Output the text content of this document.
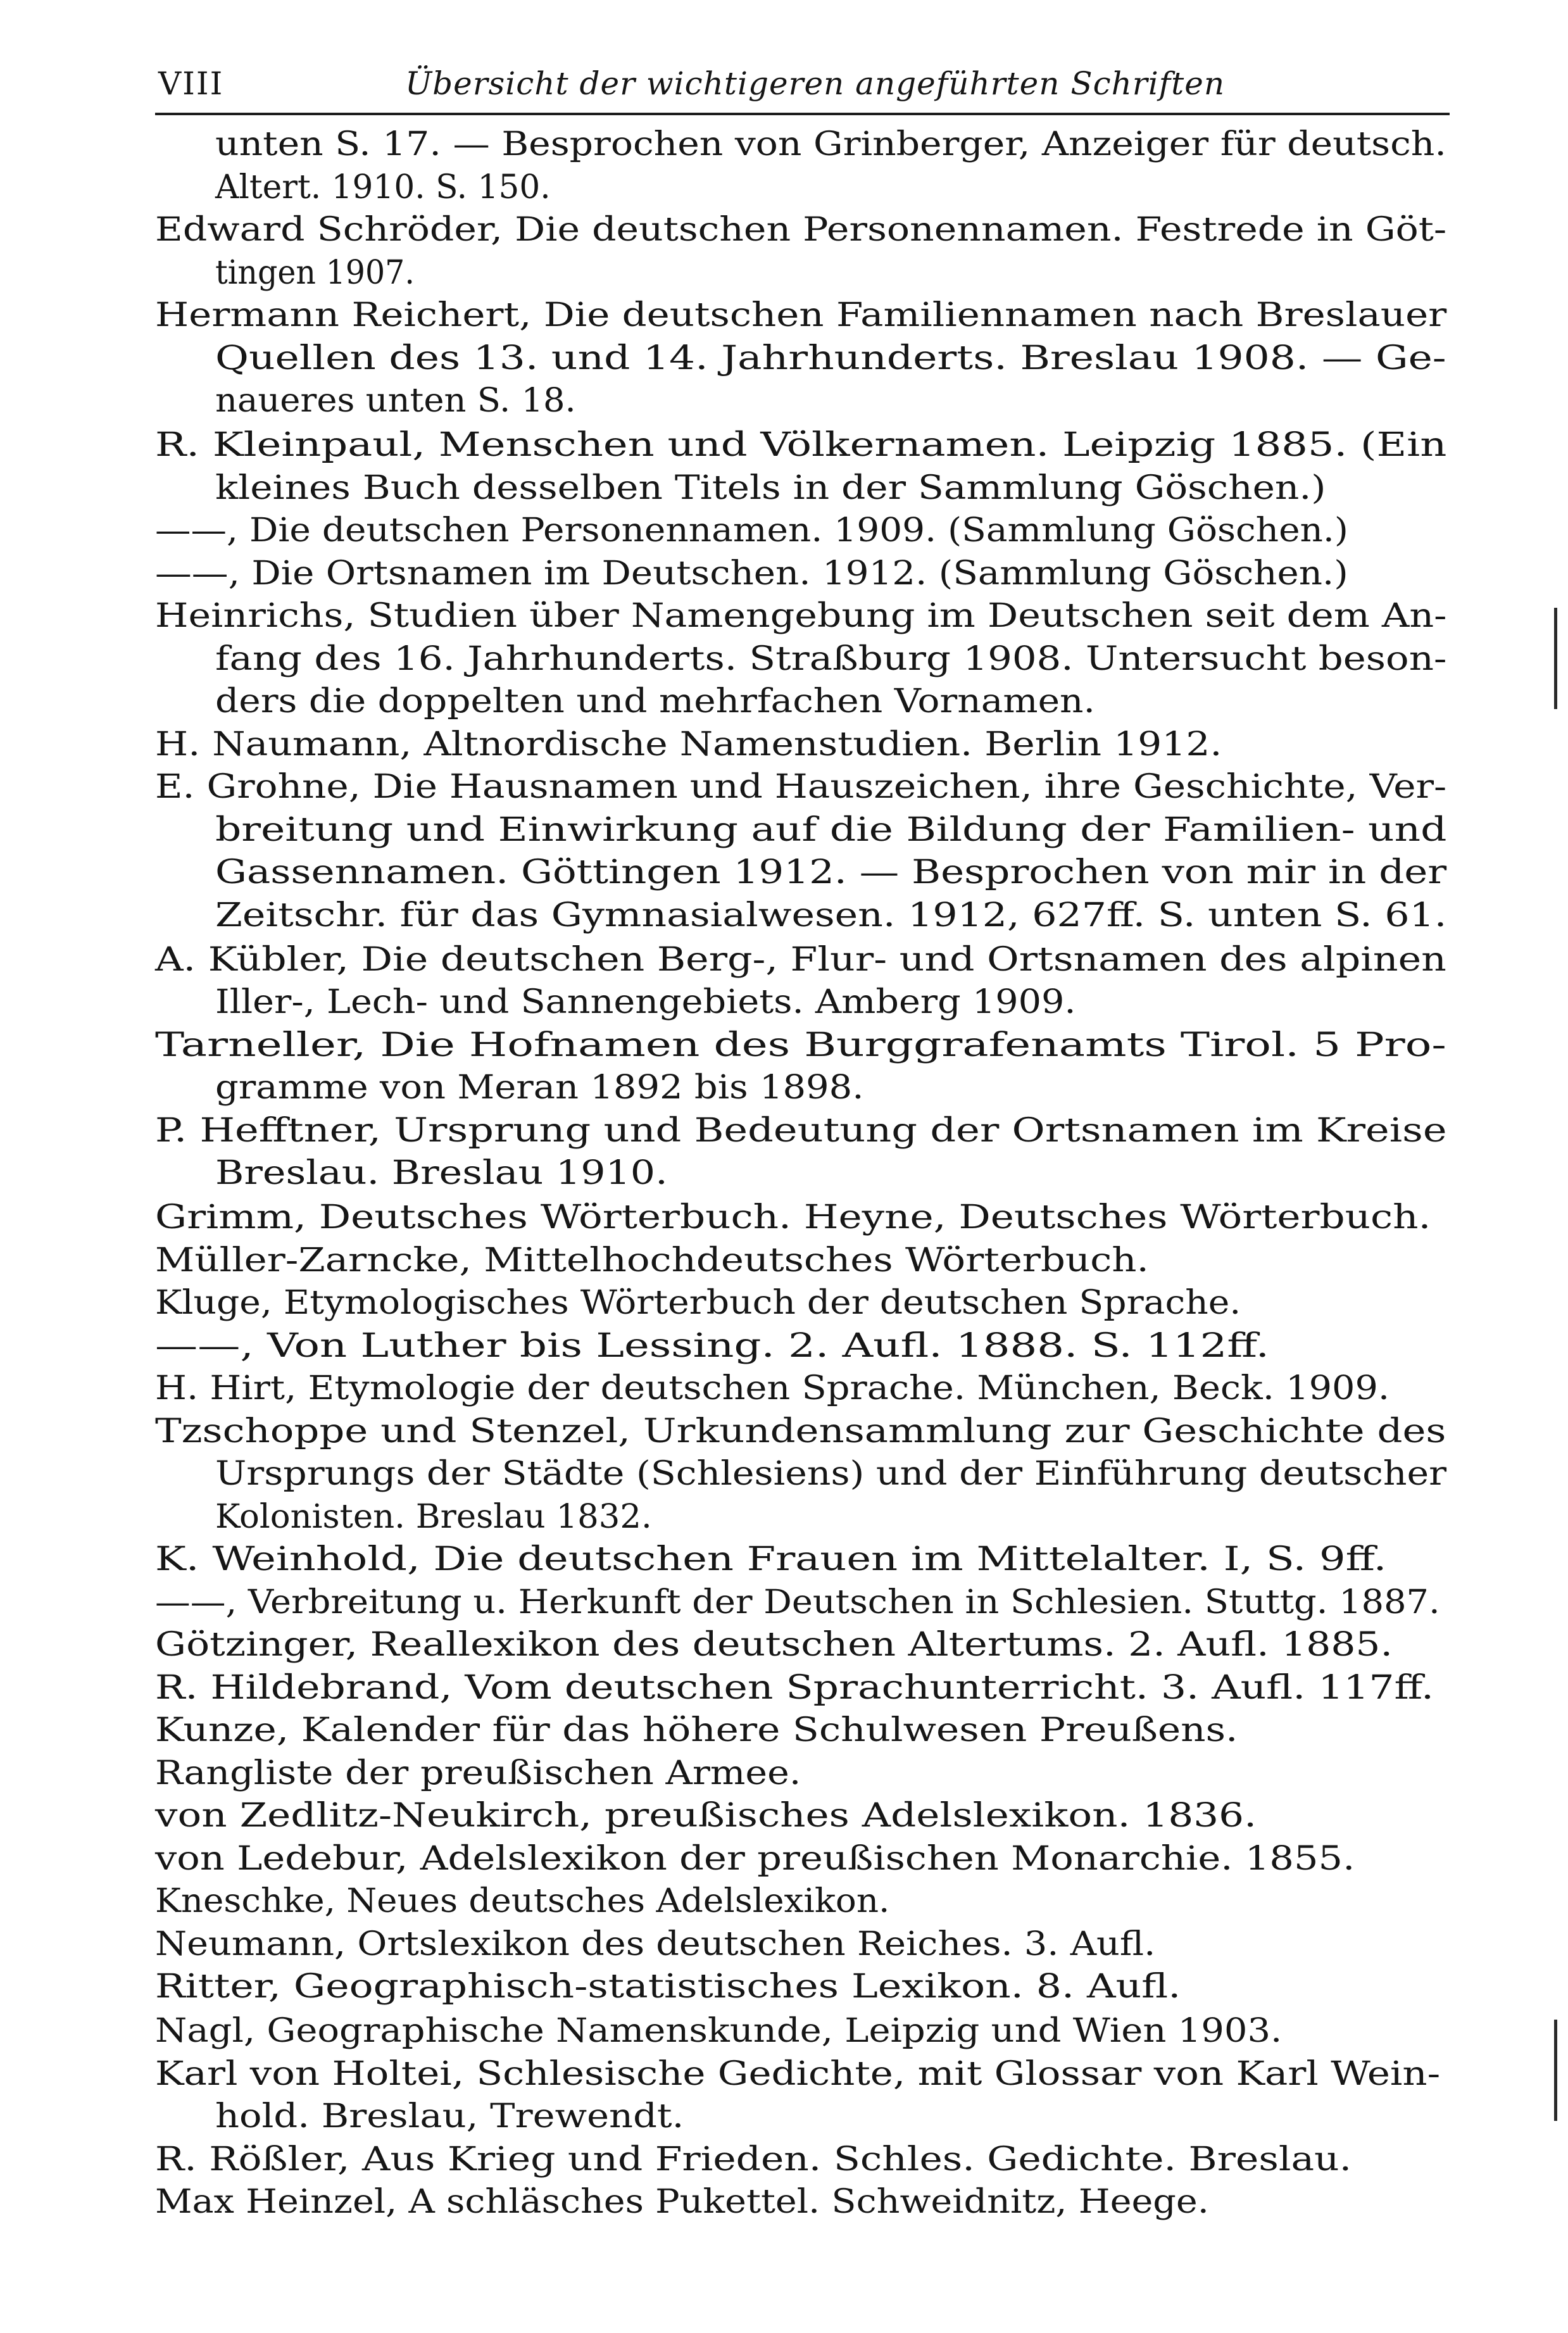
VIII	Übersicht der wichtigeren angeführten Schriften
unten S. 17. — Besprochen von Grinberger, Anzeiger für deutsch.
Altert. 1910. S. 150.
Edward Schröder, Die deutschen Personennamen. Festrede in Göt-
tingen 1907.
Hermann Reichert, Die deutschen Familiennamen nach Breslauer
Quellen des 13. und 14. Jahrhunderts. Breslau 1908. — Ge-
naueres unten S. 18.
R. Kleinpaul, Menschen und Völkernamen. Leipzig 1885. (Ein
kleines Buch desselben Titels in der Sammlung Göschen.)
——, Die deutschen Personennamen. 1909. (Sammlung Göschen.)
——, Die Ortsnamen im Deutschen. 1912. (Sammlung Göschen.)
Heinrichs, Studien über Namengebung im Deutschen seit dem An-
fang des 16. Jahrhunderts. Straßburg 1908. Untersucht beson-
ders die doppelten und mehrfachen Vornamen.
H. Naumann, Altnordische Namenstudien. Berlin 1912.
E. Grohne, Die Hausnamen und Hauszeichen, ihre Geschichte, Ver-
breitung und Einwirkung auf die Bildung der Familien- und
Gassennamen. Göttingen 1912. — Besprochen von mir in der
Zeitschr. für das Gymnasialwesen. 1912, 627ff. S. unten S. 61.
A. Kübler, Die deutschen Berg-, Flur- und Ortsnamen des alpinen
Iller-, Lech- und Sannengebiets. Amberg 1909.
Tarneller, Die Hofnamen des Burggrafenamts Tirol. 5 Pro-
gramme von Meran 1892 bis 1898.
P. Hefftner, Ursprung und Bedeutung der Ortsnamen im Kreise
Breslau. Breslau 1910.
Grimm, Deutsches Wörterbuch. Heyne, Deutsches Wörterbuch.
Müller-Zarncke, Mittelhochdeutsches Wörterbuch.
Kluge, Etymologisches Wörterbuch der deutschen Sprache.
——, Von Luther bis Lessing. 2. Aufl. 1888. S. 112ff.
H. Hirt, Etymologie der deutschen Sprache. München, Beck. 1909.
Tzschoppe und Stenzel, Urkundensammlung zur Geschichte des
Ursprungs der Städte (Schlesiens) und der Einführung deutscher
Kolonisten. Breslau 1832.
K. Weinhold, Die deutschen Frauen im Mittelalter. I, S. 9ff.
——, Verbreitung u. Herkunft der Deutschen in Schlesien. Stuttg. 1887.
Götzinger, Reallexikon des deutschen Altertums. 2. Aufl. 1885.
R. Hildebrand, Vom deutschen Sprachunterricht. 3. Aufl. 117ff.
Kunze, Kalender für das höhere Schulwesen Preußens.
Rangliste der preußischen Armee.
von Zedlitz-Neukirch, preußisches Adelslexikon. 1836.
von Ledebur, Adelslexikon der preußischen Monarchie. 1855.
Kneschke, Neues deutsches Adelslexikon.
Neumann, Ortslexikon des deutschen Reiches. 3. Aufl.
Ritter, Geographisch-statistisches Lexikon. 8. Aufl.
Nagl, Geographische Namenskunde, Leipzig und Wien 1903.
Karl von Holtei, Schlesische Gedichte, mit Glossar von Karl Wein-
hold. Breslau, Trewendt.
R. Rößler, Aus Krieg und Frieden. Schles. Gedichte. Breslau.
Max Heinzel, A schläsches Pukettel. Schweidnitz, Heege.
